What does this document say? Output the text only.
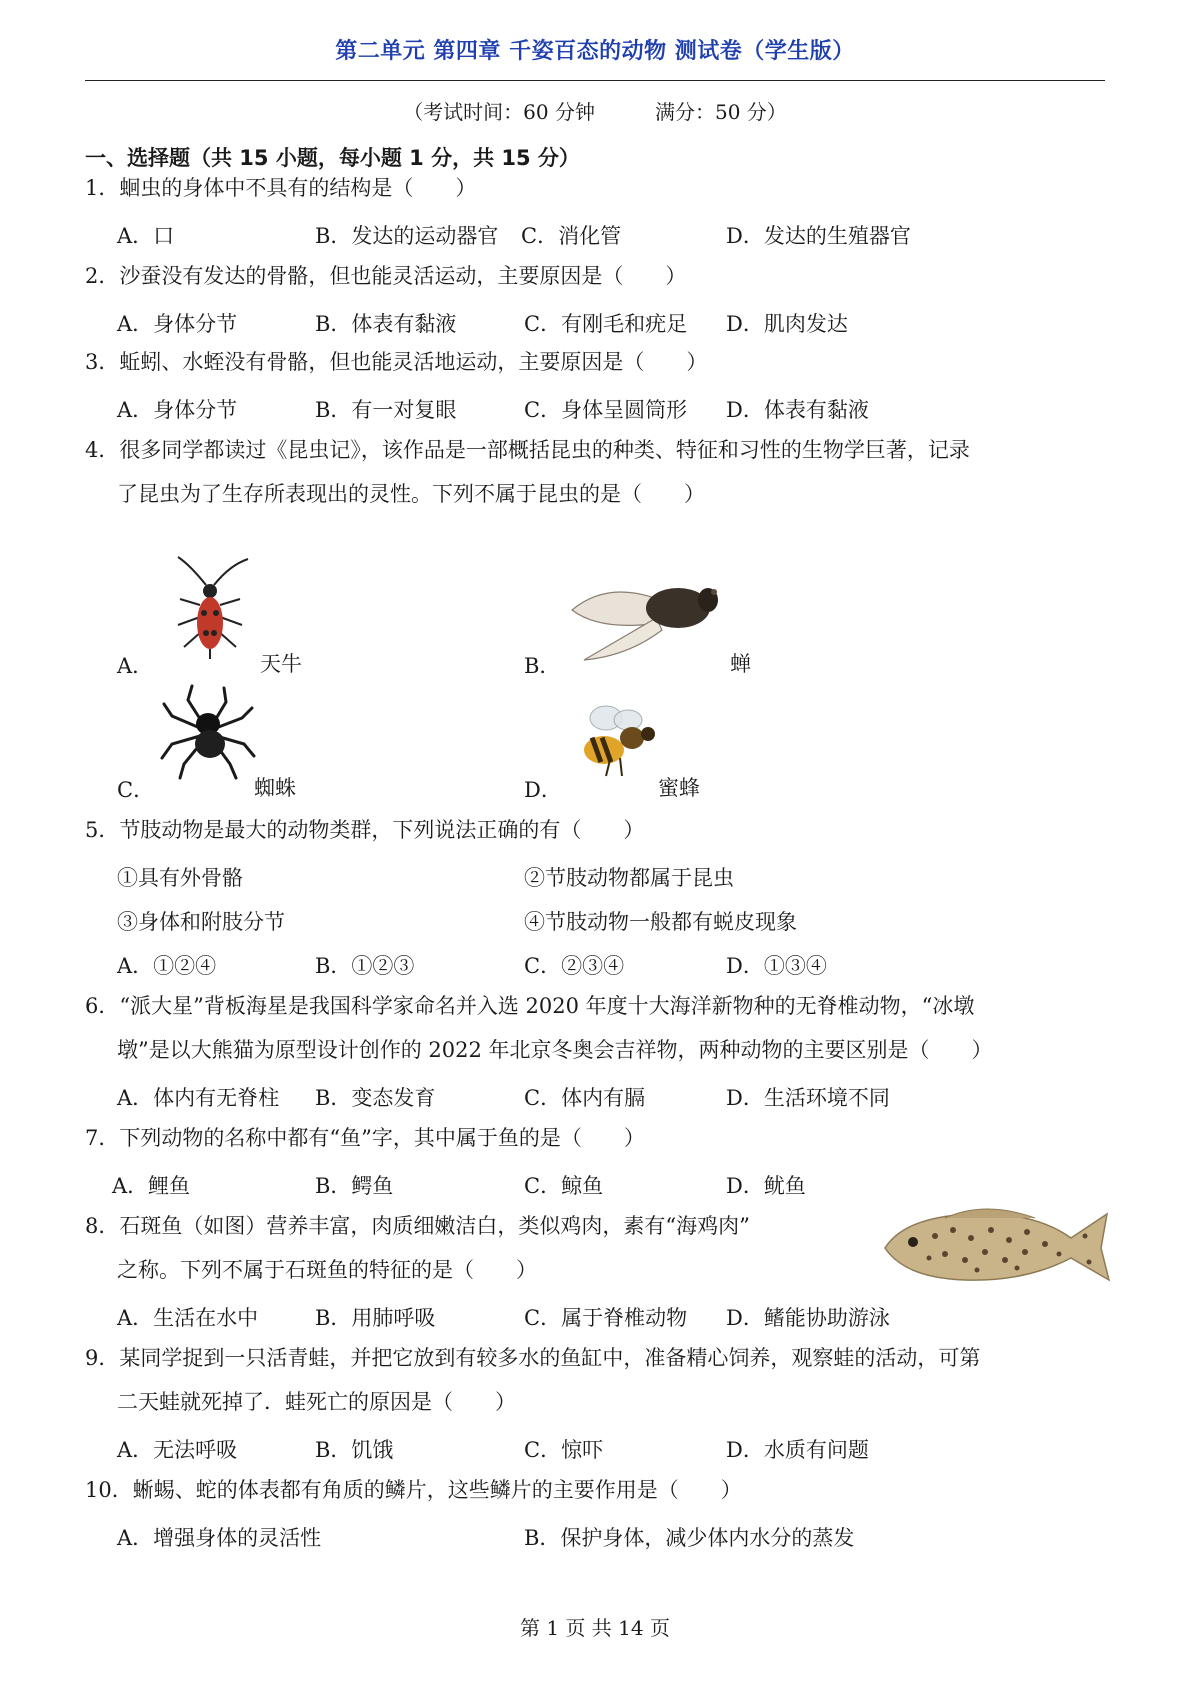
第二单元 第四章 千姿百态的动物 测试卷（学生版）
（考试时间：60 分钟	满分：50 分）
一、选择题（共 15 小题，每小题 1 分，共 15 分）
1．蛔虫的身体中不具有的结构是（　　）
A．口	B．发达的运动器官 C．消化管	D．发达的生殖器官
2．沙蚕没有发达的骨骼，但也能灵活运动，主要原因是（　　）
A．身体分节	B．体表有黏液	C．有刚毛和疣足 D．肌肉发达
3．蚯蚓、水蛭没有骨骼，但也能灵活地运动，主要原因是（　　）
A．身体分节	B．有一对复眼	C．身体呈圆筒形 D．体表有黏液
4．很多同学都读过《昆虫记》，该作品是一部概括昆虫的种类、特征和习性的生物学巨著，记录
了昆虫为了生存所表现出的灵性。下列不属于昆虫的是（　　）
A．	天牛	B．	蝉
C．	蜘蛛	D．	蜜蜂
5．节肢动物是最大的动物类群，下列说法正确的有（　　）
①具有外骨骼	②节肢动物都属于昆虫
③身体和附肢分节	④节肢动物一般都有蜕皮现象
A．①②④	B．①②③	C．②③④	D．①③④
6．“派大星”背板海星是我国科学家命名并入选 2020 年度十大海洋新物种的无脊椎动物，“冰墩
墩”是以大熊猫为原型设计创作的 2022 年北京冬奥会吉祥物，两种动物的主要区别是（　　）
A．体内有无脊柱 B．变态发育	C．体内有膈	D．生活环境不同
7．下列动物的名称中都有“鱼”字，其中属于鱼的是（　　）
A．鲤鱼	B．鳄鱼	C．鲸鱼	D．鱿鱼
8．石斑鱼（如图）营养丰富，肉质细嫩洁白，类似鸡肉，素有“海鸡肉”
之称。下列不属于石斑鱼的特征的是（　　）
A．生活在水中	B．用肺呼吸	C．属于脊椎动物 D．鳍能协助游泳
9．某同学捉到一只活青蛙，并把它放到有较多水的鱼缸中，准备精心饲养，观察蛙的活动，可第
二天蛙就死掉了．蛙死亡的原因是（　　）
A．无法呼吸	B．饥饿	C．惊吓	D．水质有问题
10．蜥蜴、蛇的体表都有角质的鳞片，这些鳞片的主要作用是（　　）
A．增强身体的灵活性	B．保护身体，减少体内水分的蒸发
第 1 页 共 14 页
